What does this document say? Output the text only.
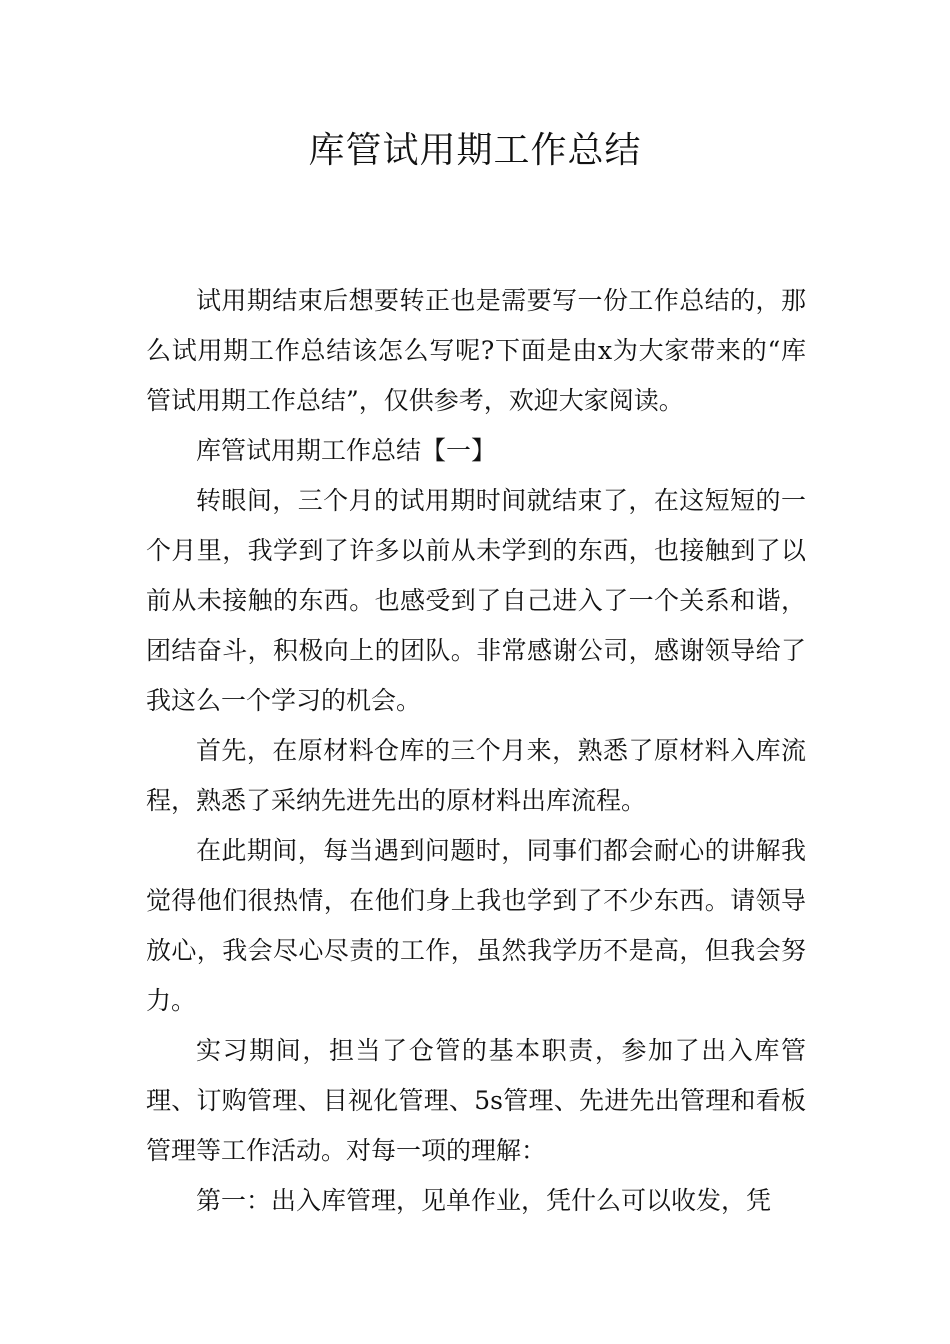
库管试用期工作总结

试用期结束后想要转正也是需要写一份工作总结的，那么试用期工作总结该怎么写呢?下面是由x为大家带来的“库管试用期工作总结”，仅供参考，欢迎大家阅读。

库管试用期工作总结【一】

转眼间，三个月的试用期时间就结束了，在这短短的一个月里，我学到了许多以前从未学到的东西，也接触到了以前从未接触的东西。也感受到了自己进入了一个关系和谐，团结奋斗，积极向上的团队。非常感谢公司，感谢领导给了我这么一个学习的机会。

首先，在原材料仓库的三个月来，熟悉了原材料入库流程，熟悉了采纳先进先出的原材料出库流程。

在此期间，每当遇到问题时，同事们都会耐心的讲解我觉得他们很热情，在他们身上我也学到了不少东西。请领导放心，我会尽心尽责的工作，虽然我学历不是高，但我会努力。

实习期间，担当了仓管的基本职责，参加了出入库管理、订购管理、目视化管理、5s管理、先进先出管理和看板管理等工作活动。对每一项的理解：

第一：出入库管理，见单作业，凭什么可以收发，凭
